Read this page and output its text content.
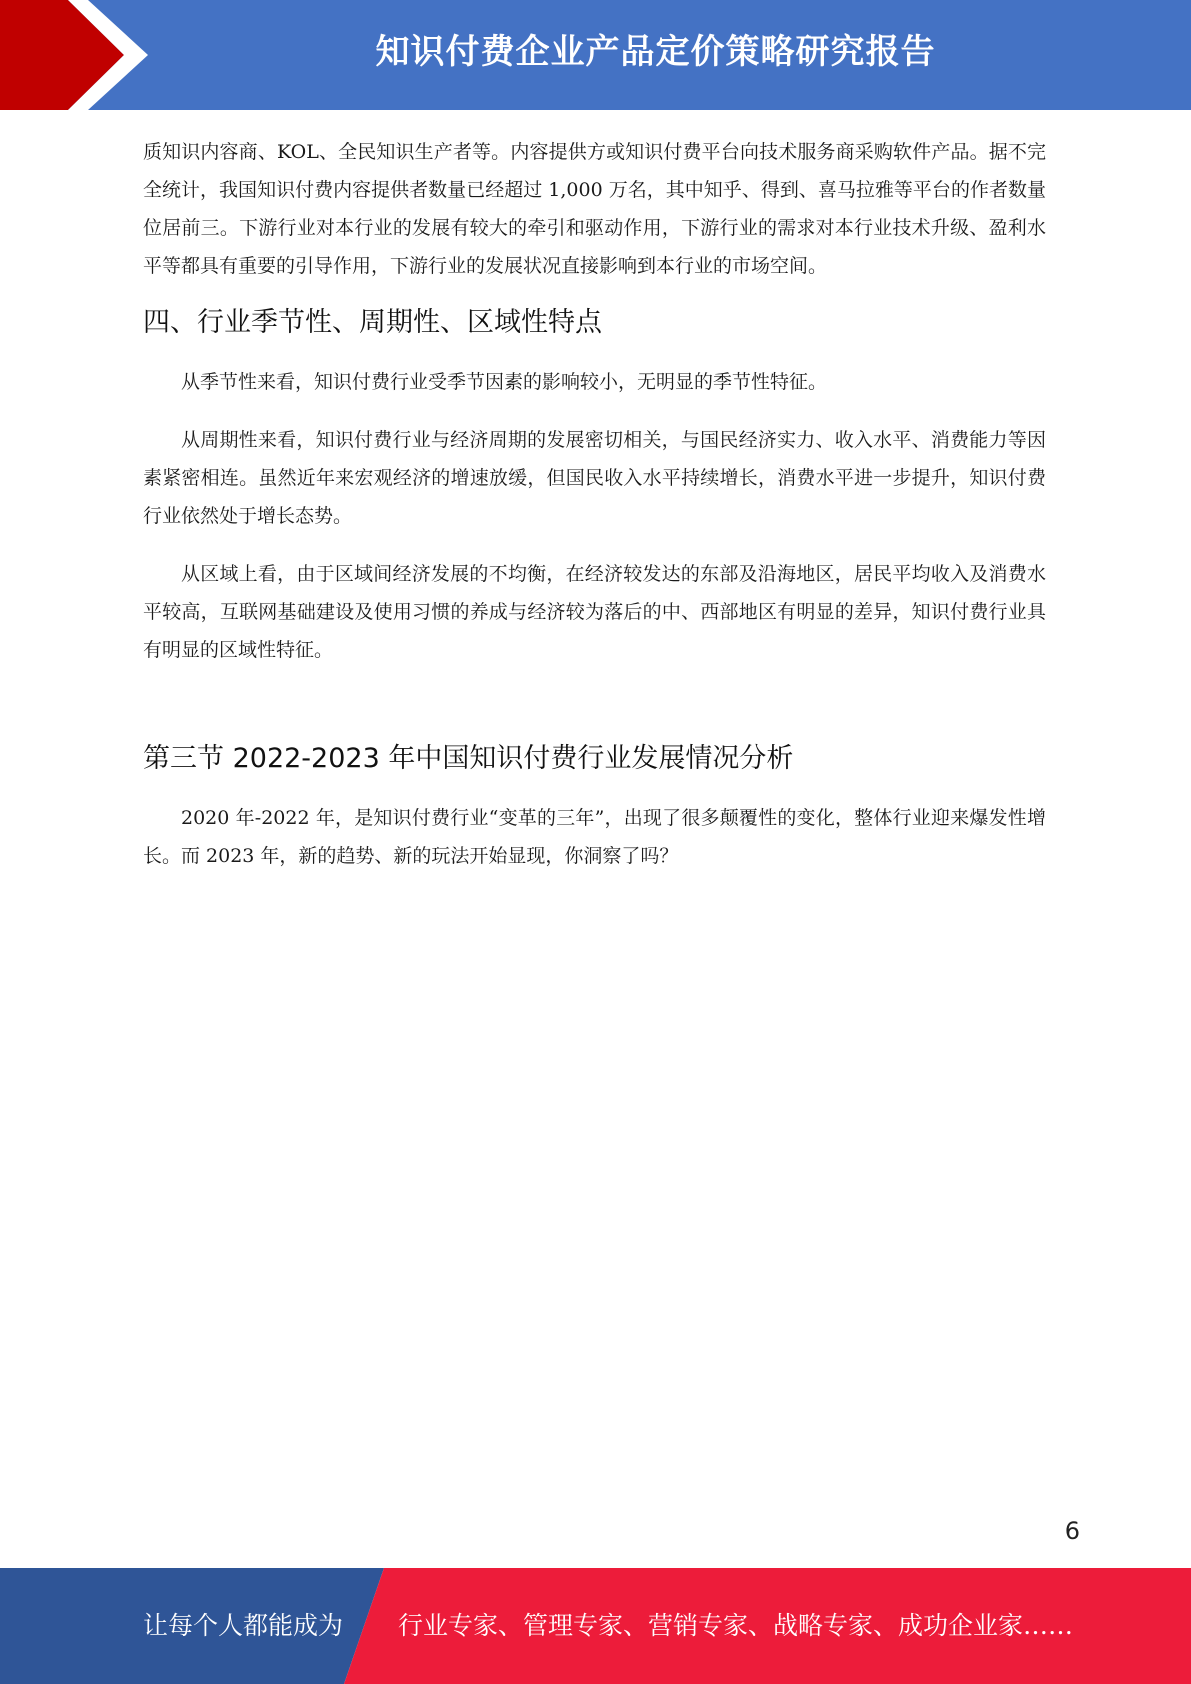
知识付费企业产品定价策略研究报告

质知识内容商、KOL、全民知识生产者等。内容提供方或知识付费平台向技术服务商采购软件产品。据不完全统计，我国知识付费内容提供者数量已经超过 1,000 万名，其中知乎、得到、喜马拉雅等平台的作者数量位居前三。下游行业对本行业的发展有较大的牵引和驱动作用，下游行业的需求对本行业技术升级、盈利水平等都具有重要的引导作用，下游行业的发展状况直接影响到本行业的市场空间。

四、行业季节性、周期性、区域性特点

从季节性来看，知识付费行业受季节因素的影响较小，无明显的季节性特征。

从周期性来看，知识付费行业与经济周期的发展密切相关，与国民经济实力、收入水平、消费能力等因素紧密相连。虽然近年来宏观经济的增速放缓，但国民收入水平持续增长，消费水平进一步提升，知识付费行业依然处于增长态势。

从区域上看，由于区域间经济发展的不均衡，在经济较发达的东部及沿海地区，居民平均收入及消费水平较高，互联网基础建设及使用习惯的养成与经济较为落后的中、西部地区有明显的差异，知识付费行业具有明显的区域性特征。

第三节 2022-2023 年中国知识付费行业发展情况分析

2020 年-2022 年，是知识付费行业“变革的三年”，出现了很多颠覆性的变化，整体行业迎来爆发性增长。而 2023 年，新的趋势、新的玩法开始显现，你洞察了吗？

6
让每个人都能成为 行业专家、管理专家、营销专家、战略专家、成功企业家……
